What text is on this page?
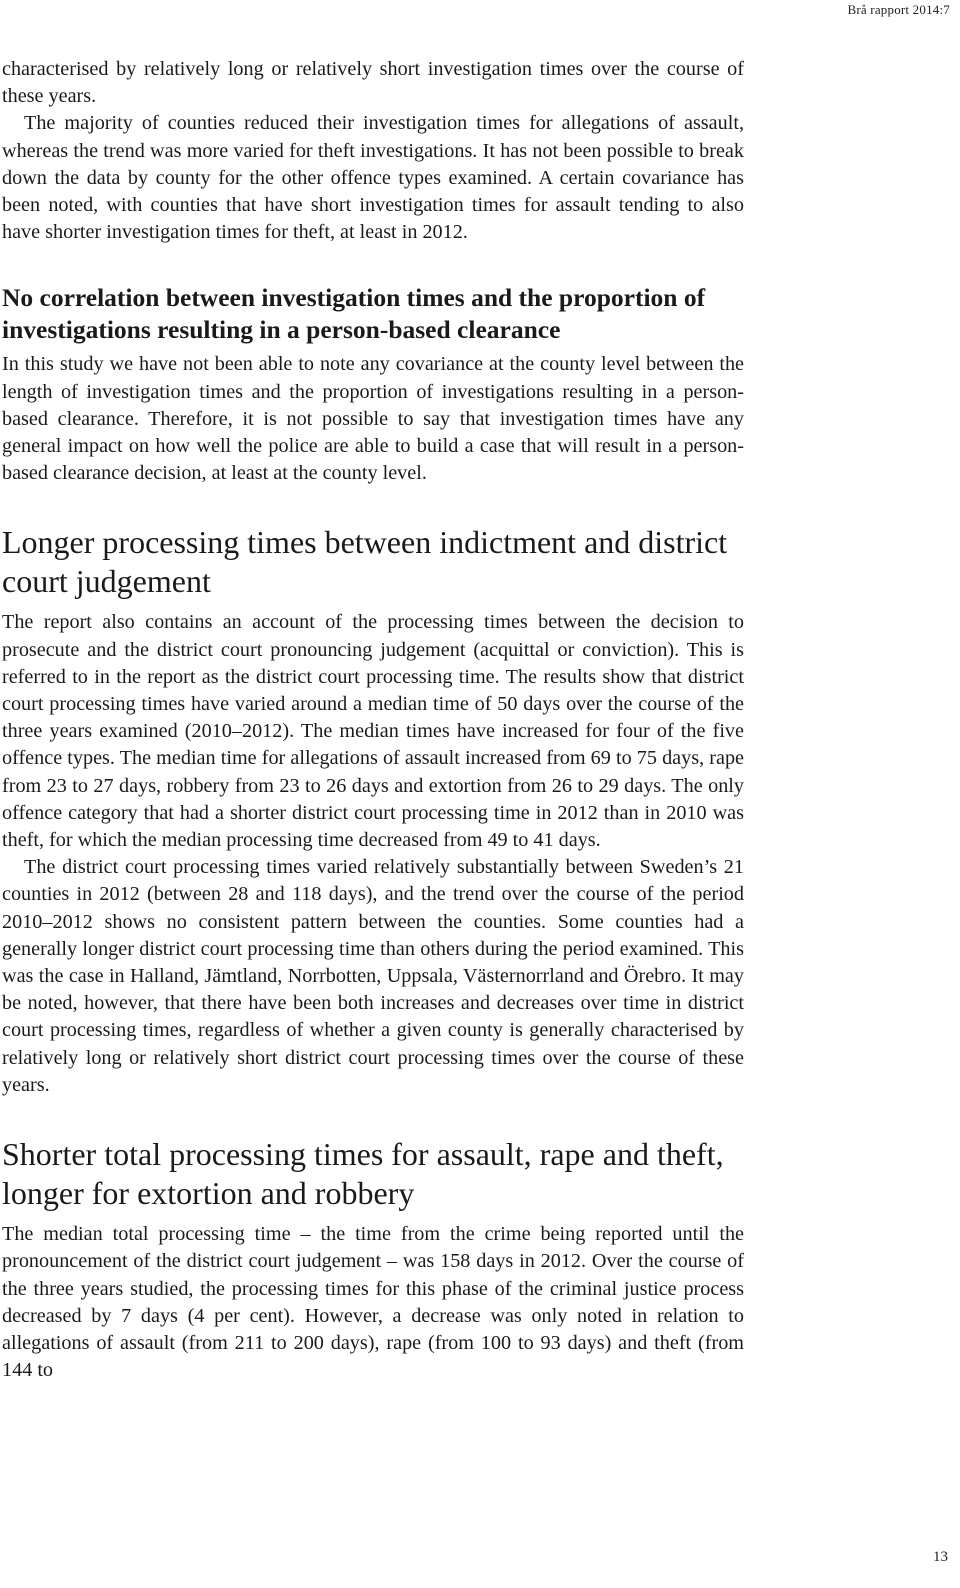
Brå rapport 2014:7

characterised by relatively long or relatively short investigation times over the course of these years.

The majority of counties reduced their investigation times for allegations of assault, whereas the trend was more varied for theft investigations. It has not been possible to break down the data by county for the other offence types examined. A certain covariance has been noted, with counties that have short investigation times for assault tending to also have shorter investigation times for theft, at least in 2012.

No correlation between investigation times and the proportion of investigations resulting in a person-based clearance

In this study we have not been able to note any covariance at the county level between the length of investigation times and the proportion of investigations resulting in a person-based clearance. Therefore, it is not possible to say that investigation times have any general impact on how well the police are able to build a case that will result in a person-based clearance decision, at least at the county level.

Longer processing times between indictment and district court judgement

The report also contains an account of the processing times between the decision to prosecute and the district court pronouncing judgement (acquittal or conviction). This is referred to in the report as the district court processing time. The results show that district court processing times have varied around a median time of 50 days over the course of the three years examined (2010–2012). The median times have increased for four of the five offence types. The median time for allegations of assault increased from 69 to 75 days, rape from 23 to 27 days, robbery from 23 to 26 days and extortion from 26 to 29 days. The only offence category that had a shorter district court processing time in 2012 than in 2010 was theft, for which the median processing time decreased from 49 to 41 days.

The district court processing times varied relatively substantially between Sweden’s 21 counties in 2012 (between 28 and 118 days), and the trend over the course of the period 2010–2012 shows no consistent pattern between the counties. Some counties had a generally longer district court processing time than others during the period examined. This was the case in Halland, Jämtland, Norrbotten, Uppsala, Västernorrland and Örebro. It may be noted, however, that there have been both increases and decreases over time in district court processing times, regardless of whether a given county is generally characterised by relatively long or relatively short district court processing times over the course of these years.

Shorter total processing times for assault, rape and theft, longer for extortion and robbery

The median total processing time – the time from the crime being reported until the pronouncement of the district court judgement – was 158 days in 2012. Over the course of the three years studied, the processing times for this phase of the criminal justice process decreased by 7 days (4 per cent). However, a decrease was only noted in relation to allegations of assault (from 211 to 200 days), rape (from 100 to 93 days) and theft (from 144 to

13
